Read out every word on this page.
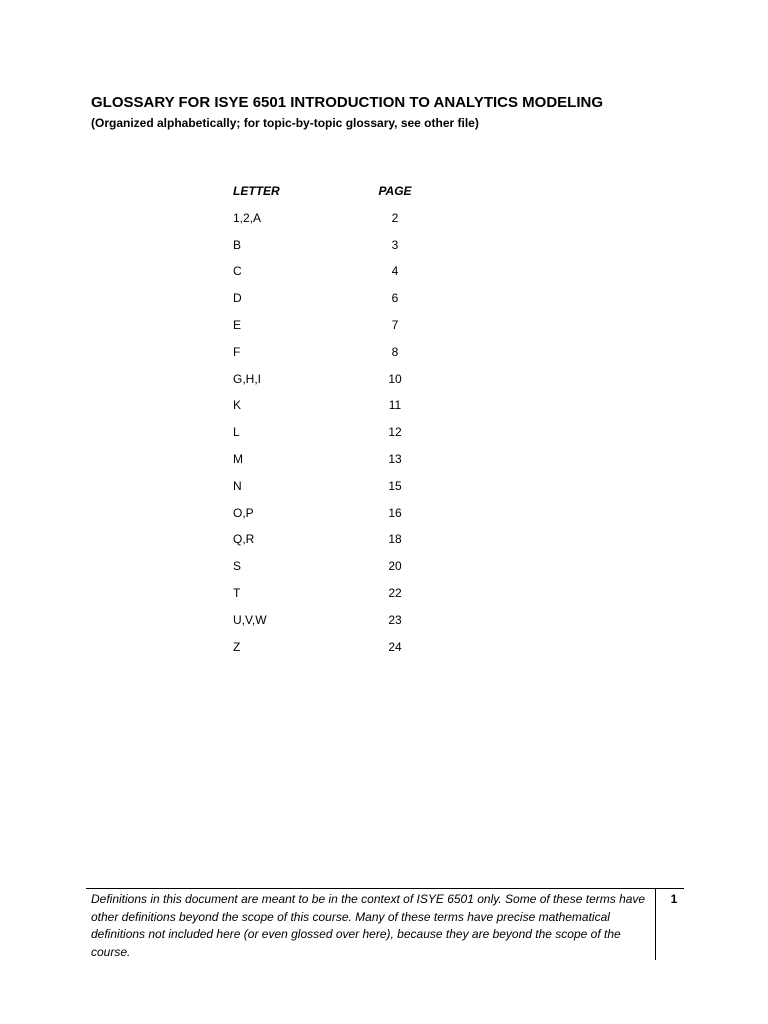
GLOSSARY FOR ISYE 6501 INTRODUCTION TO ANALYTICS MODELING
(Organized alphabetically; for topic-by-topic glossary, see other file)
LETTER	PAGE
1,2,A	2
B	3
C	4
D	6
E	7
F	8
G,H,I	10
K	11
L	12
M	13
N	15
O,P	16
Q,R	18
S	20
T	22
U,V,W	23
Z	24
Definitions in this document are meant to be in the context of ISYE 6501 only. Some of these terms have other definitions beyond the scope of this course. Many of these terms have precise mathematical definitions not included here (or even glossed over here), because they are beyond the scope of the course.
1
